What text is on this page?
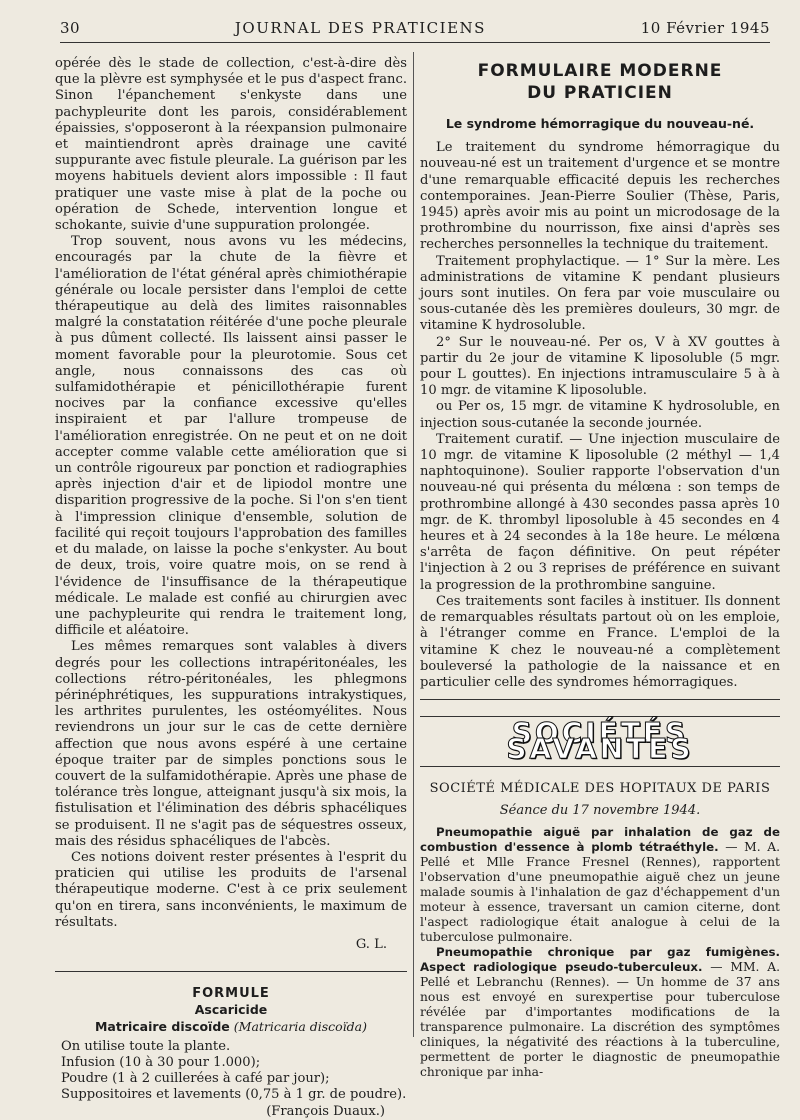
30	JOURNAL DES PRATICIENS	10 Février 1945

opérée dès le stade de collection, c'est-à-dire dès que la plèvre est symphysée et le pus d'aspect franc. Sinon l'épanchement s'enkyste dans une pachypleurite dont les parois, considérablement épaissies, s'opposeront à la réexpansion pulmonaire et maintiendront après drainage une cavité suppurante avec fistule pleurale. La guérison par les moyens habituels devient alors impossible : Il faut pratiquer une vaste mise à plat de la poche ou opération de Schede, intervention longue et schokante, suivie d'une suppuration prolongée.

Trop souvent, nous avons vu les médecins, encouragés par la chute de la fièvre et l'amélioration de l'état général après chimiothérapie générale ou locale persister dans l'emploi de cette thérapeutique au delà des limites raisonnables malgré la constatation réitérée d'une poche pleurale à pus dûment collecté. Ils laissent ainsi passer le moment favorable pour la pleurotomie. Sous cet angle, nous connaissons des cas où sulfamidothérapie et pénicillothérapie furent nocives par la confiance excessive qu'elles inspiraient et par l'allure trompeuse de l'amélioration enregistrée. On ne peut et on ne doit accepter comme valable cette amélioration que si un contrôle rigoureux par ponction et radiographies après injection d'air et de lipiodol montre une disparition progressive de la poche. Si l'on s'en tient à l'impression clinique d'ensemble, solution de facilité qui reçoit toujours l'approbation des familles et du malade, on laisse la poche s'enkyster. Au bout de deux, trois, voire quatre mois, on se rend à l'évidence de l'insuffisance de la thérapeutique médicale. Le malade est confié au chirurgien avec une pachypleurite qui rendra le traitement long, difficile et aléatoire.

Les mêmes remarques sont valables à divers degrés pour les collections intrapéritonéales, les collections rétro-péritonéales, les phlegmons périnéphrétiques, les suppurations intrakystiques, les arthrites purulentes, les ostéomyélites. Nous reviendrons un jour sur le cas de cette dernière affection que nous avons espéré à une certaine époque traiter par de simples ponctions sous le couvert de la sulfamidothérapie. Après une phase de tolérance très longue, atteignant jusqu'à six mois, la fistulisation et l'élimination des débris sphacéliques se produisent. Il ne s'agit pas de séquestres osseux, mais des résidus sphacéliques de l'abcès.

Ces notions doivent rester présentes à l'esprit du praticien qui utilise les produits de l'arsenal thérapeutique moderne. C'est à ce prix seulement qu'on en tirera, sans inconvénients, le maximum de résultats.

G. L.
FORMULE
Ascaricide
Matricaire discoïde (Matricaria discoïda)
On utilise toute la plante.
Infusion (10 à 30 pour 1.000);
Poudre (1 à 2 cuillerées à café par jour);
Suppositoires et lavements (0,75 à 1 gr. de poudre).
(François Duaux.)
FORMULAIRE MODERNE
DU PRATICIEN
Le syndrome hémorragique du nouveau-né.

Le traitement du syndrome hémorragique du nouveau-né est un traitement d'urgence et se montre d'une remarquable efficacité depuis les recherches contemporaines. Jean-Pierre Soulier (Thèse, Paris, 1945) après avoir mis au point un microdosage de la prothrombine du nourrisson, fixe ainsi d'après ses recherches personnelles la technique du traitement.

Traitement prophylactique. — 1° Sur la mère. Les administrations de vitamine K pendant plusieurs jours sont inutiles. On fera par voie musculaire ou sous-cutanée dès les premières douleurs, 30 mgr. de vitamine K hydrosoluble.

2° Sur le nouveau-né. Per os, V à XV gouttes à partir du 2e jour de vitamine K liposoluble (5 mgr. pour L gouttes). En injections intramusculaire 5 à à 10 mgr. de vitamine K liposoluble.

ou Per os, 15 mgr. de vitamine K hydrosoluble, en injection sous-cutanée la seconde journée.

Traitement curatif. — Une injection musculaire de 10 mgr. de vitamine K liposoluble (2 méthyl — 1,4 naphtoquinone). Soulier rapporte l'observation d'un nouveau-né qui présenta du mélœna : son temps de prothrombine allongé à 430 secondes passa après 10 mgr. de K. thrombyl liposoluble à 45 secondes en 4 heures et à 24 secondes à la 18e heure. Le mélœna s'arrêta de façon définitive. On peut répéter l'injection à 2 ou 3 reprises de préférence en suivant la progression de la prothrombine sanguine.

Ces traitements sont faciles à instituer. Ils donnent de remarquables résultats partout où on les emploie, à l'étranger comme en France. L'emploi de la vitamine K chez le nouveau-né a complètement bouleversé la pathologie de la naissance et en particulier celle des syndromes hémorragiques.

SOCIÉTÉS SAVANTES
SOCIÉTÉ MÉDICALE DES HOPITAUX DE PARIS
Séance du 17 novembre 1944.

Pneumopathie aiguë par inhalation de gaz de combustion d'essence à plomb tétraéthyle. — M. A. Pellé et Mlle France Fresnel (Rennes), rapportent l'observation d'une pneumopathie aiguë chez un jeune malade soumis à l'inhalation de gaz d'échappement d'un moteur à essence, traversant un camion citerne, dont l'aspect radiologique était analogue à celui de la tuberculose pulmonaire.

Pneumopathie chronique par gaz fumigènes. Aspect radiologique pseudo-tuberculeux. — MM. A. Pellé et Lebranchu (Rennes). — Un homme de 37 ans nous est envoyé en surexpertise pour tuberculose révélée par d'importantes modifications de la transparence pulmonaire. La discrétion des symptômes cliniques, la négativité des réactions à la tuberculine, permettent de porter le diagnostic de pneumopathie chronique par inha-
